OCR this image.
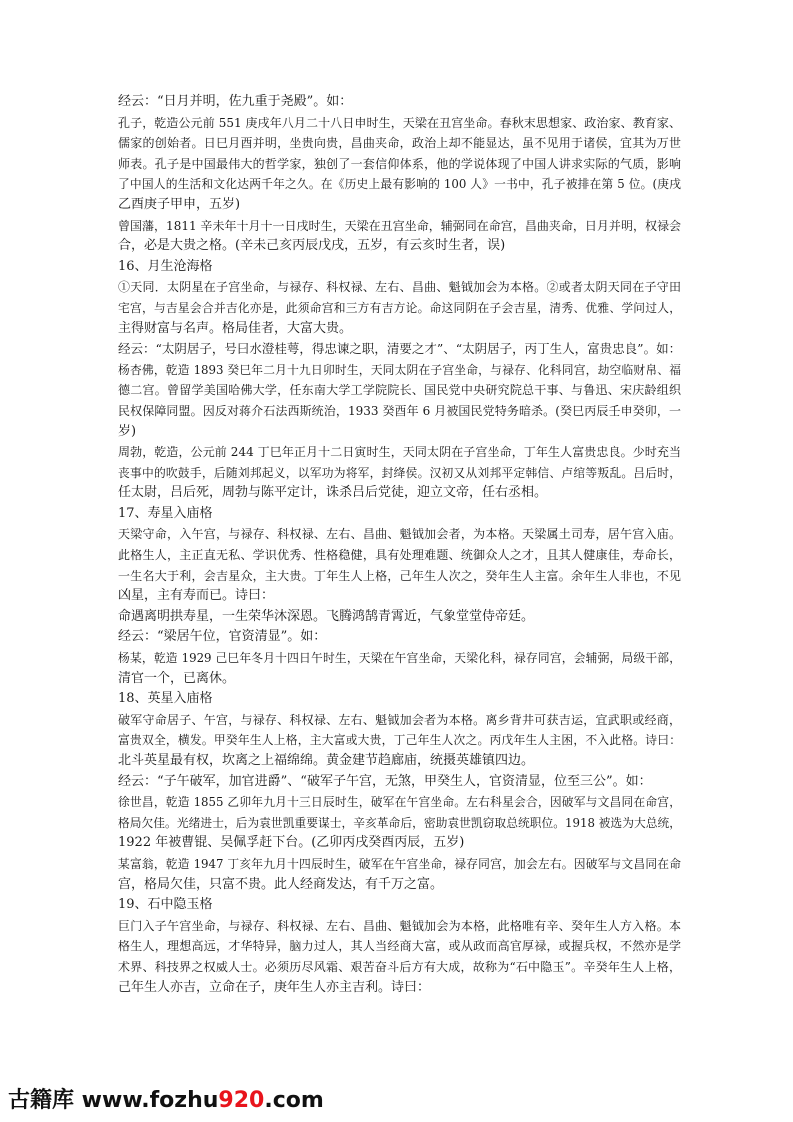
经云：“日月并明，佐九重于尧殿”。如：
孔子，乾造公元前 551 庚戌年八月二十八日申时生，天梁在丑宫坐命。春秋末思想家、政治家、教育家、
儒家的创始者。日巳月酉并明，坐贵向贵，昌曲夹命，政治上却不能显达，虽不见用于诸侯，宜其为万世
师表。孔子是中国最伟大的哲学家，独创了一套信仰体系，他的学说体现了中国人讲求实际的气质，影响
了中国人的生活和文化达两千年之久。在《历史上最有影响的 100 人》一书中，孔子被排在第 5 位。(庚戌
乙酉庚子甲申，五岁)
曾国藩，1811 辛未年十月十一日戌时生，天梁在丑宫坐命，辅弼同在命宫，昌曲夹命，日月并明，权禄会
合，必是大贵之格。(辛未己亥丙辰戊戌，五岁，有云亥时生者，误)
16、月生沧海格
①天同．太阴星在子宫坐命，与禄存、科权禄、左右、昌曲、魁钺加会为本格。②或者太阴天同在子守田
宅宫，与吉星会合并吉化亦是，此须命宫和三方有吉方论。命这同阴在子会吉星，清秀、优雅、学问过人，
主得财富与名声。格局佳者，大富大贵。
经云：“太阴居子，号曰水澄桂萼，得忠谏之职，清要之才”、“太阴居子，丙丁生人，富贵忠良”。如：
杨杏佛，乾造 1893 癸巳年二月十九日卯时生，天同太阴在子宫坐命，与禄存、化科同宫，劫空临财帛、福
德二宫。曾留学美国哈佛大学，任东南大学工学院院长、国民党中央研究院总干事、与鲁迅、宋庆龄组织
民权保障同盟。因反对蒋介石法西斯统治，1933 癸酉年 6 月被国民党特务暗杀。(癸巳丙辰壬申癸卯，一
岁)
周勃，乾造，公元前 244 丁巳年正月十二日寅时生，天同太阴在子宫坐命，丁年生人富贵忠良。少时充当
丧事中的吹鼓手，后随刘邦起义，以军功为将军，封绛侯。汉初又从刘邦平定韩信、卢绾等叛乱。吕后时，
任太尉，吕后死，周勃与陈平定计，诛杀吕后党徒，迎立文帝，任右丞相。
17、寿星入庙格
天梁守命，入午宫，与禄存、科权禄、左右、昌曲、魁钺加会者，为本格。天梁属土司寿，居午宫入庙。
此格生人，主正直无私、学识优秀、性格稳健，具有处理难题、统御众人之才，且其人健康佳，寿命长，
一生名大于利，会吉星众，主大贵。丁年生人上格，己年生人次之，癸年生人主富。余年生人非也，不见
凶星，主有寿而已。诗曰：
命遇离明拱寿星，一生荣华沐深恩。飞腾鸿鹄青霄近，气象堂堂侍帝廷。
经云：“梁居午位，官资清显”。如：
杨某，乾造 1929 己巳年冬月十四日午时生，天梁在午宫坐命，天梁化科，禄存同宫，会辅弼，局级干部，
清官一个，已离休。
18、英星入庙格
破军守命居子、午宫，与禄存、科权禄、左右、魁钺加会者为本格。离乡背井可获吉运，宜武职或经商，
富贵双全，横发。甲癸年生人上格，主大富或大贵，丁己年生人次之。丙戊年生人主困，不入此格。诗曰：
北斗英星最有权，坎离之上福绵绵。黄金建节趋廊庙，统摄英雄镇四边。
经云：“子午破军，加官进爵”、“破军子午宫，无煞，甲癸生人，官资清显，位至三公”。如：
徐世昌，乾造 1855 乙卯年九月十三日辰时生，破军在午宫坐命。左右科星会合，因破军与文昌同在命宫，
格局欠佳。光绪进士，后为袁世凯重要谋士，辛亥革命后，密助袁世凯窃取总统职位。1918 被选为大总统，
1922 年被曹锟、吴佩孚赶下台。(乙卯丙戌癸酉丙辰，五岁)
某富翁，乾造 1947 丁亥年九月十四辰时生，破军在午宫坐命，禄存同宫，加会左右。因破军与文昌同在命
宫，格局欠佳，只富不贵。此人经商发达，有千万之富。
19、石中隐玉格
巨门入子午宫坐命，与禄存、科权禄、左右、昌曲、魁钺加会为本格，此格唯有辛、癸年生人方入格。本
格生人，理想高远，才华特异，脑力过人，其人当经商大富，或从政而高官厚禄，或握兵权，不然亦是学
术界、科技界之权威人士。必须历尽风霜、艰苦奋斗后方有大成，故称为“石中隐玉”。辛癸年生人上格，
己年生人亦吉，立命在子，庚年生人亦主吉利。诗曰：
古籍库 www.fozhu920.com
